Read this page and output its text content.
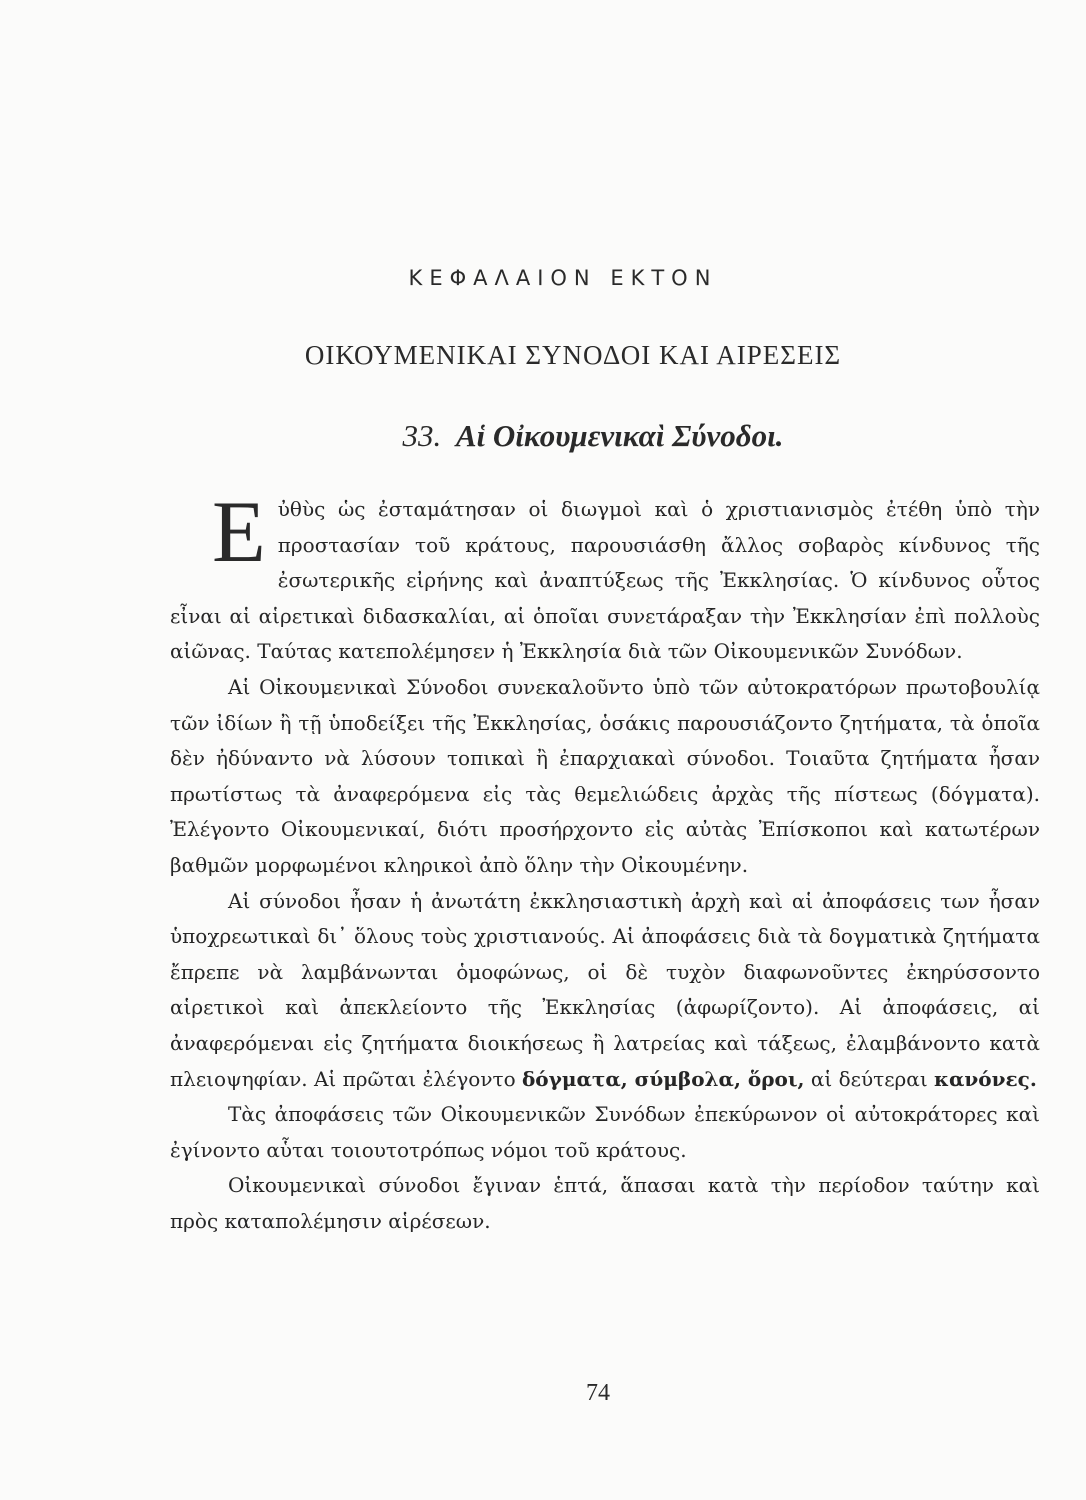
ΚΕΦΑΛΑΙΟΝ ΕΚΤΟΝ
ΟΙΚΟΥΜΕΝΙΚΑΙ ΣΥΝΟΔΟΙ ΚΑΙ ΑΙΡΕΣΕΙΣ
33. Αἱ Οἰκουμενικαὶ Σύνοδοι.

Εὐθὺς ὡς ἐσταμάτησαν οἱ διωγμοὶ καὶ ὁ χριστιανισμὸς ἐτέθη ὑπὸ τὴν προστασίαν τοῦ κράτους, παρουσιάσθη ἄλλος σοβαρὸς κίνδυνος τῆς ἐσωτερικῆς εἰρήνης καὶ ἀναπτύξεως τῆς Ἐκκλησίας. Ὁ κίνδυνος οὗτος εἶναι αἱ αἱρετικαὶ διδασκαλίαι, αἱ ὁποῖαι συνετάραξαν τὴν Ἐκκλησίαν ἐπὶ πολλοὺς αἰῶνας. Ταύτας κατεπολέμησεν ἡ Ἐκκλησία διὰ τῶν Οἰκουμενικῶν Συνόδων.

Αἱ Οἰκουμενικαὶ Σύνοδοι συνεκαλοῦντο ὑπὸ τῶν αὐτοκρατόρων πρωτοβουλίᾳ τῶν ἰδίων ἢ τῇ ὑποδείξει τῆς Ἐκκλησίας, ὁσάκις παρουσιάζοντο ζητήματα, τὰ ὁποῖα δὲν ἠδύναντο νὰ λύσουν τοπικαὶ ἢ ἐπαρχιακαὶ σύνοδοι. Τοιαῦτα ζητήματα ἦσαν πρωτίστως τὰ ἀναφερόμενα εἰς τὰς θεμελιώδεις ἀρχὰς τῆς πίστεως (δόγματα). Ἐλέγοντο Οἰκουμενικαί, διότι προσήρχοντο εἰς αὐτὰς Ἐπίσκοποι καὶ κατωτέρων βαθμῶν μορφωμένοι κληρικοὶ ἀπὸ ὅλην τὴν Οἰκουμένην.

Αἱ σύνοδοι ἦσαν ἡ ἀνωτάτη ἐκκλησιαστικὴ ἀρχὴ καὶ αἱ ἀποφάσεις των ἦσαν ὑποχρεωτικαὶ δι᾽ ὅλους τοὺς χριστιανούς. Αἱ ἀποφάσεις διὰ τὰ δογματικὰ ζητήματα ἔπρεπε νὰ λαμβάνωνται ὁμοφώνως, οἱ δὲ τυχὸν διαφωνοῦντες ἐκηρύσσοντο αἱρετικοὶ καὶ ἀπεκλείοντο τῆς Ἐκκλησίας (ἀφωρίζοντο). Αἱ ἀποφάσεις, αἱ ἀναφερόμεναι εἰς ζητήματα διοικήσεως ἢ λατρείας καὶ τάξεως, ἐλαμβάνοντο κατὰ πλειοψηφίαν. Αἱ πρῶται ἐλέγοντο δόγματα, σύμβολα, ὅροι, αἱ δεύτεραι κανόνες.

Τὰς ἀποφάσεις τῶν Οἰκουμενικῶν Συνόδων ἐπεκύρωνον οἱ αὐτοκράτορες καὶ ἐγίνοντο αὗται τοιουτοτρόπως νόμοι τοῦ κράτους.

Οἰκουμενικαὶ σύνοδοι ἔγιναν ἑπτά, ἅπασαι κατὰ τὴν περίοδον ταύτην καὶ πρὸς καταπολέμησιν αἱρέσεων.

74
